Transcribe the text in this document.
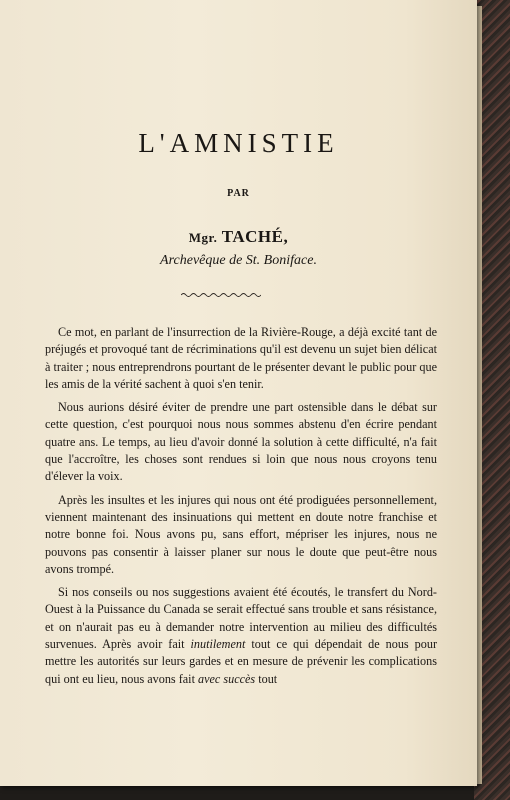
L'AMNISTIE
PAR
Mgr. TACHÉ,
Archevêque de St. Boniface.

Ce mot, en parlant de l'insurrection de la Rivière-Rouge, a déjà excité tant de préjugés et provoqué tant de récriminations qu'il est devenu un sujet bien délicat à traiter ; nous entreprendrons pourtant de le présenter devant le public pour que les amis de la vérité sachent à quoi s'en tenir.

Nous aurions désiré éviter de prendre une part ostensible dans le débat sur cette question, c'est pourquoi nous nous sommes abstenu d'en écrire pendant quatre ans. Le temps, au lieu d'avoir donné la solution à cette difficulté, n'a fait que l'accroître, les choses sont rendues si loin que nous nous croyons tenu d'élever la voix.

Après les insultes et les injures qui nous ont été prodiguées personnellement, viennent maintenant des insinuations qui mettent en doute notre franchise et notre bonne foi. Nous avons pu, sans effort, mépriser les injures, nous ne pouvons pas consentir à laisser planer sur nous le doute que peut-être nous avons trompé.

Si nos conseils ou nos suggestions avaient été écoutés, le transfert du Nord-Ouest à la Puissance du Canada se serait effectué sans trouble et sans résistance, et on n'aurait pas eu à demander notre intervention au milieu des difficultés survenues. Après avoir fait inutilement tout ce qui dépendait de nous pour mettre les autorités sur leurs gardes et en mesure de prévenir les complications qui ont eu lieu, nous avons fait avec succès tout
